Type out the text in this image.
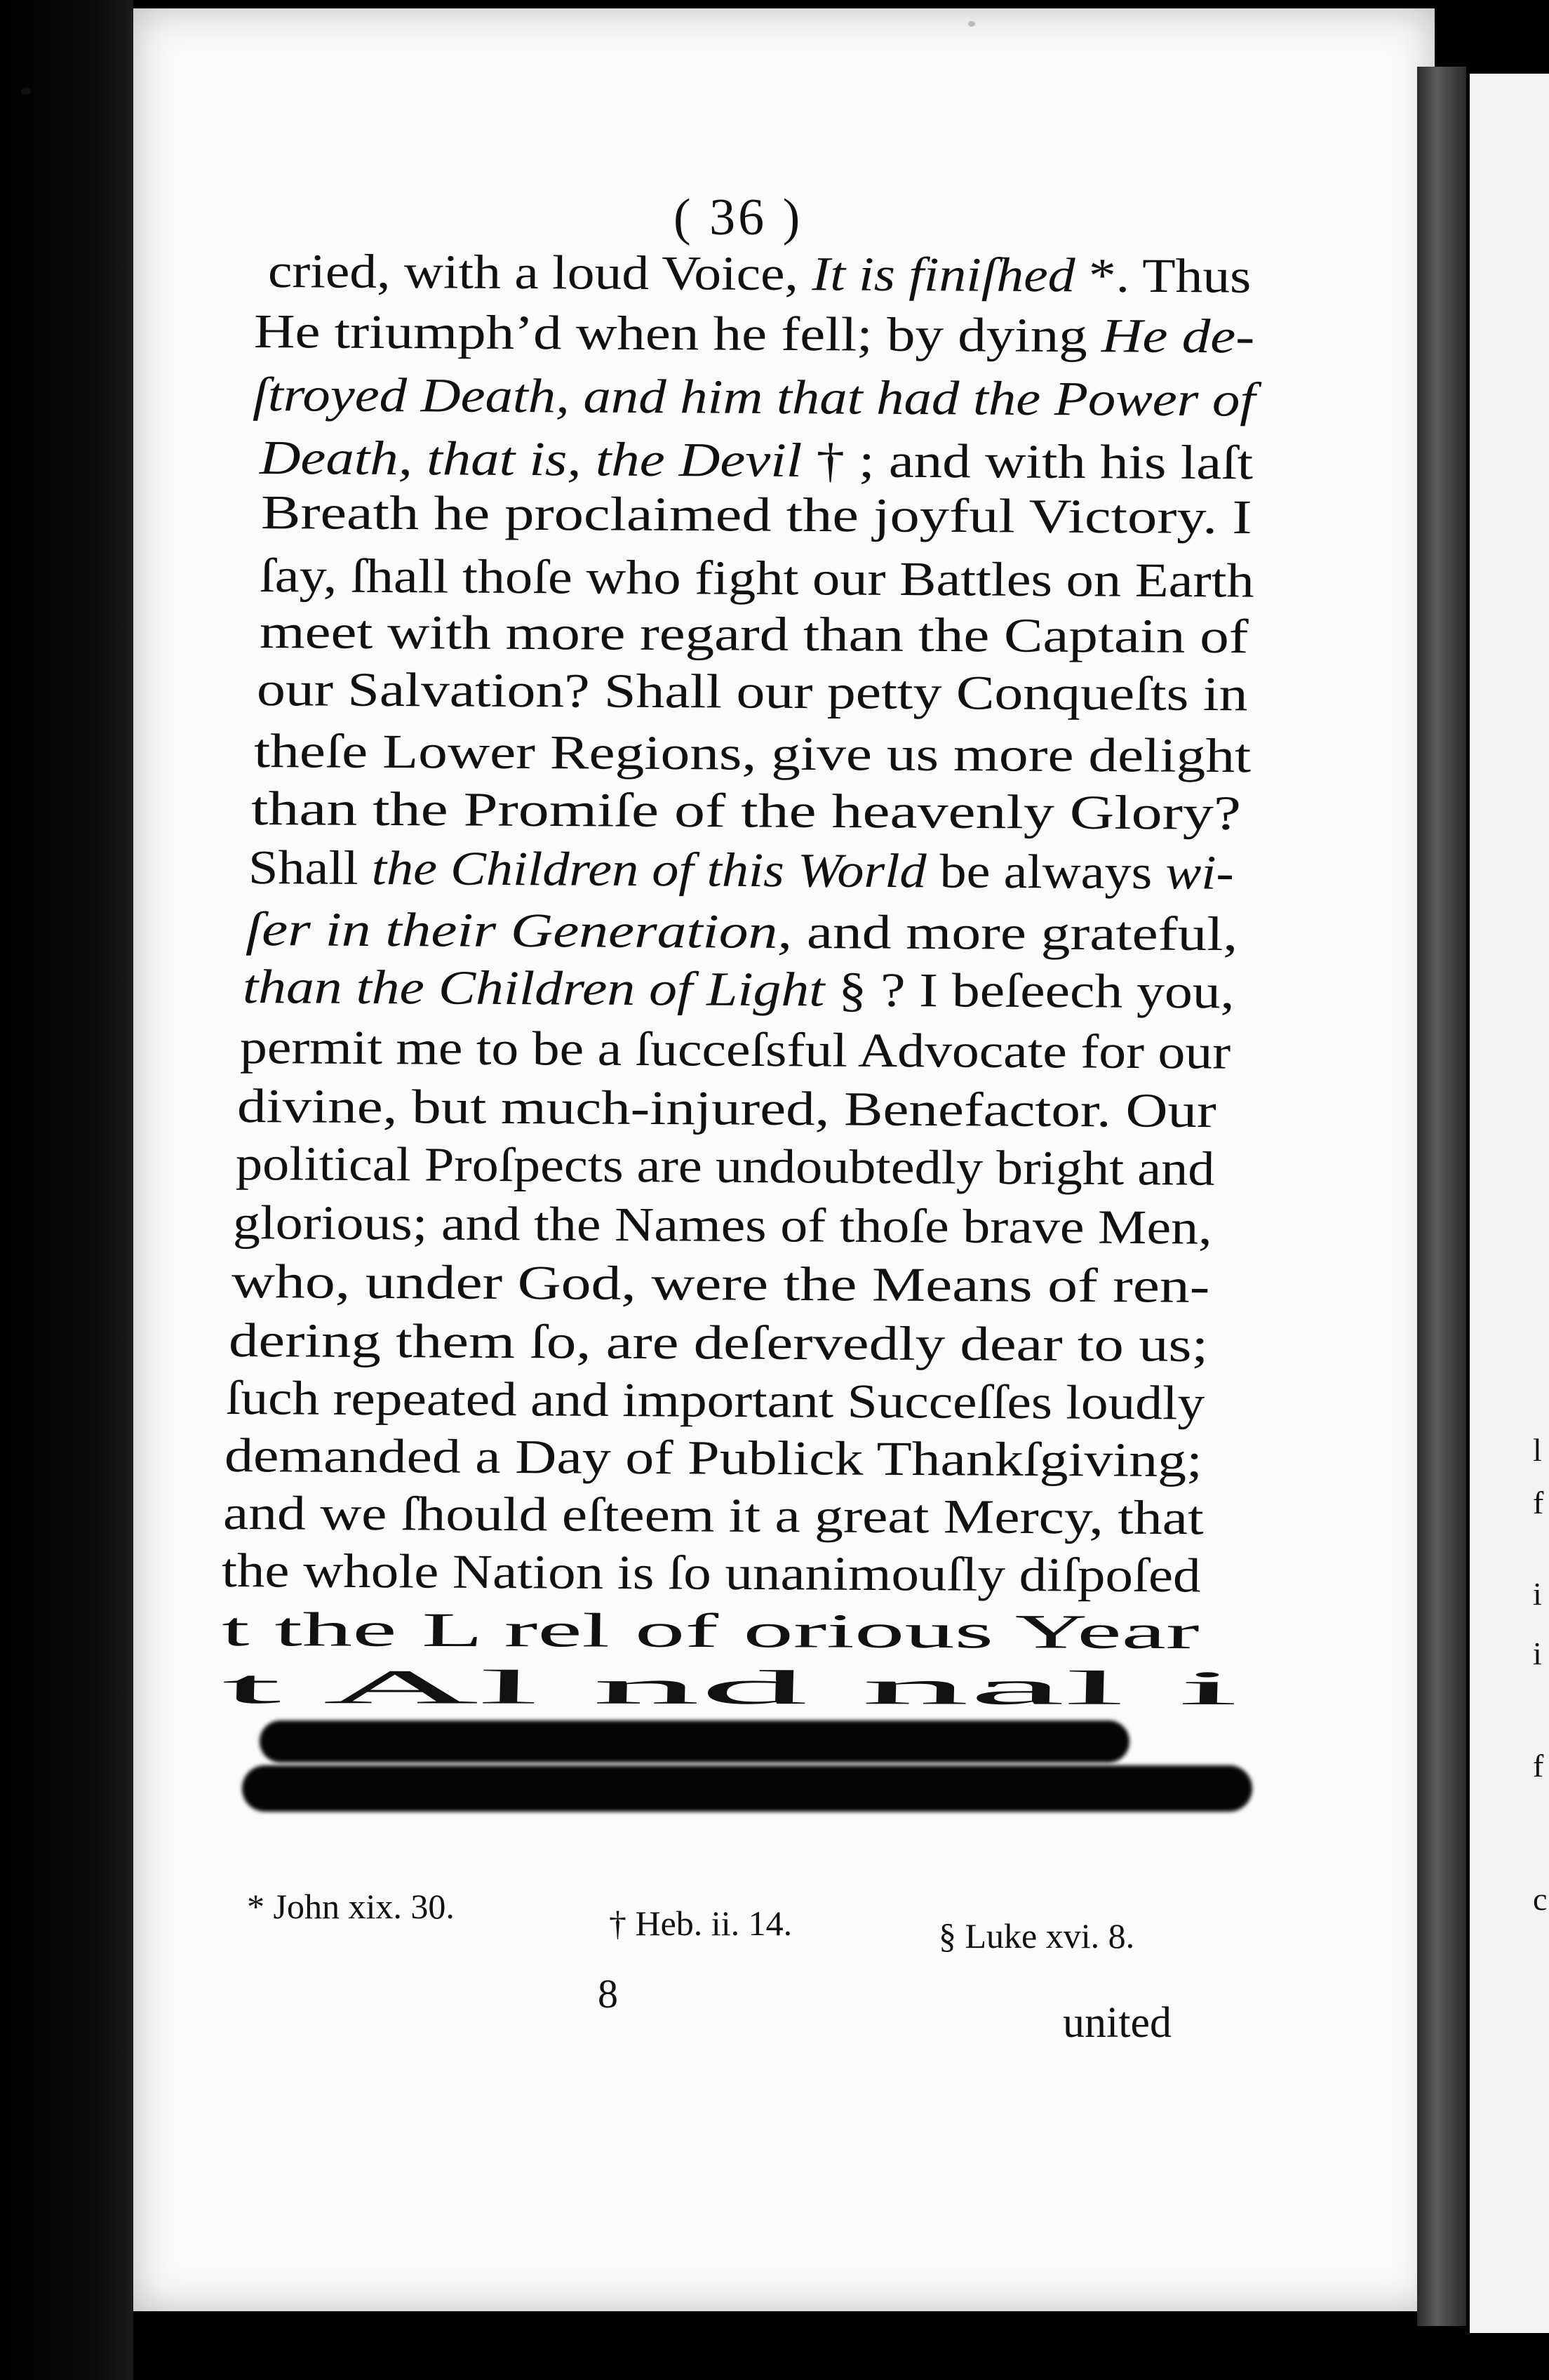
l
f
i
i
f
c
( 36 )
cried, with a loud Voice, It is finiſhed *. Thus
He triumph’d when he fell; by dying He de-
ſtroyed Death, and him that had the Power of
Death, that is, the Devil † ; and with his laſt
Breath he proclaimed the joyful Victory. I
ſay, ſhall thoſe who fight our Battles on Earth
meet with more regard than the Captain of
our Salvation? Shall our petty Conqueſts in
theſe Lower Regions, give us more delight
than the Promiſe of the heavenly Glory?
Shall the Children of this World be always wi-
ſer in their Generation, and more grateful,
than the Children of Light § ? I beſeech you,
permit me to be a ſucceſsful Advocate for our
divine, but much-injured, Benefactor. Our
political Proſpects are undoubtedly bright and
glorious; and the Names of thoſe brave Men,
who, under God, were the Means of ren-
dering them ſo, are deſervedly dear to us;
ſuch repeated and important Succeſſes loudly
demanded a Day of Publick Thankſgiving;
and we ſhould eſteem it a great Mercy, that
the whole Nation is ſo unanimouſly diſpoſed
t the L rel of orious Year
t Al nd nal i
* John xix. 30.	† Heb. ii. 14.	§ Luke xvi. 8.
8
united
